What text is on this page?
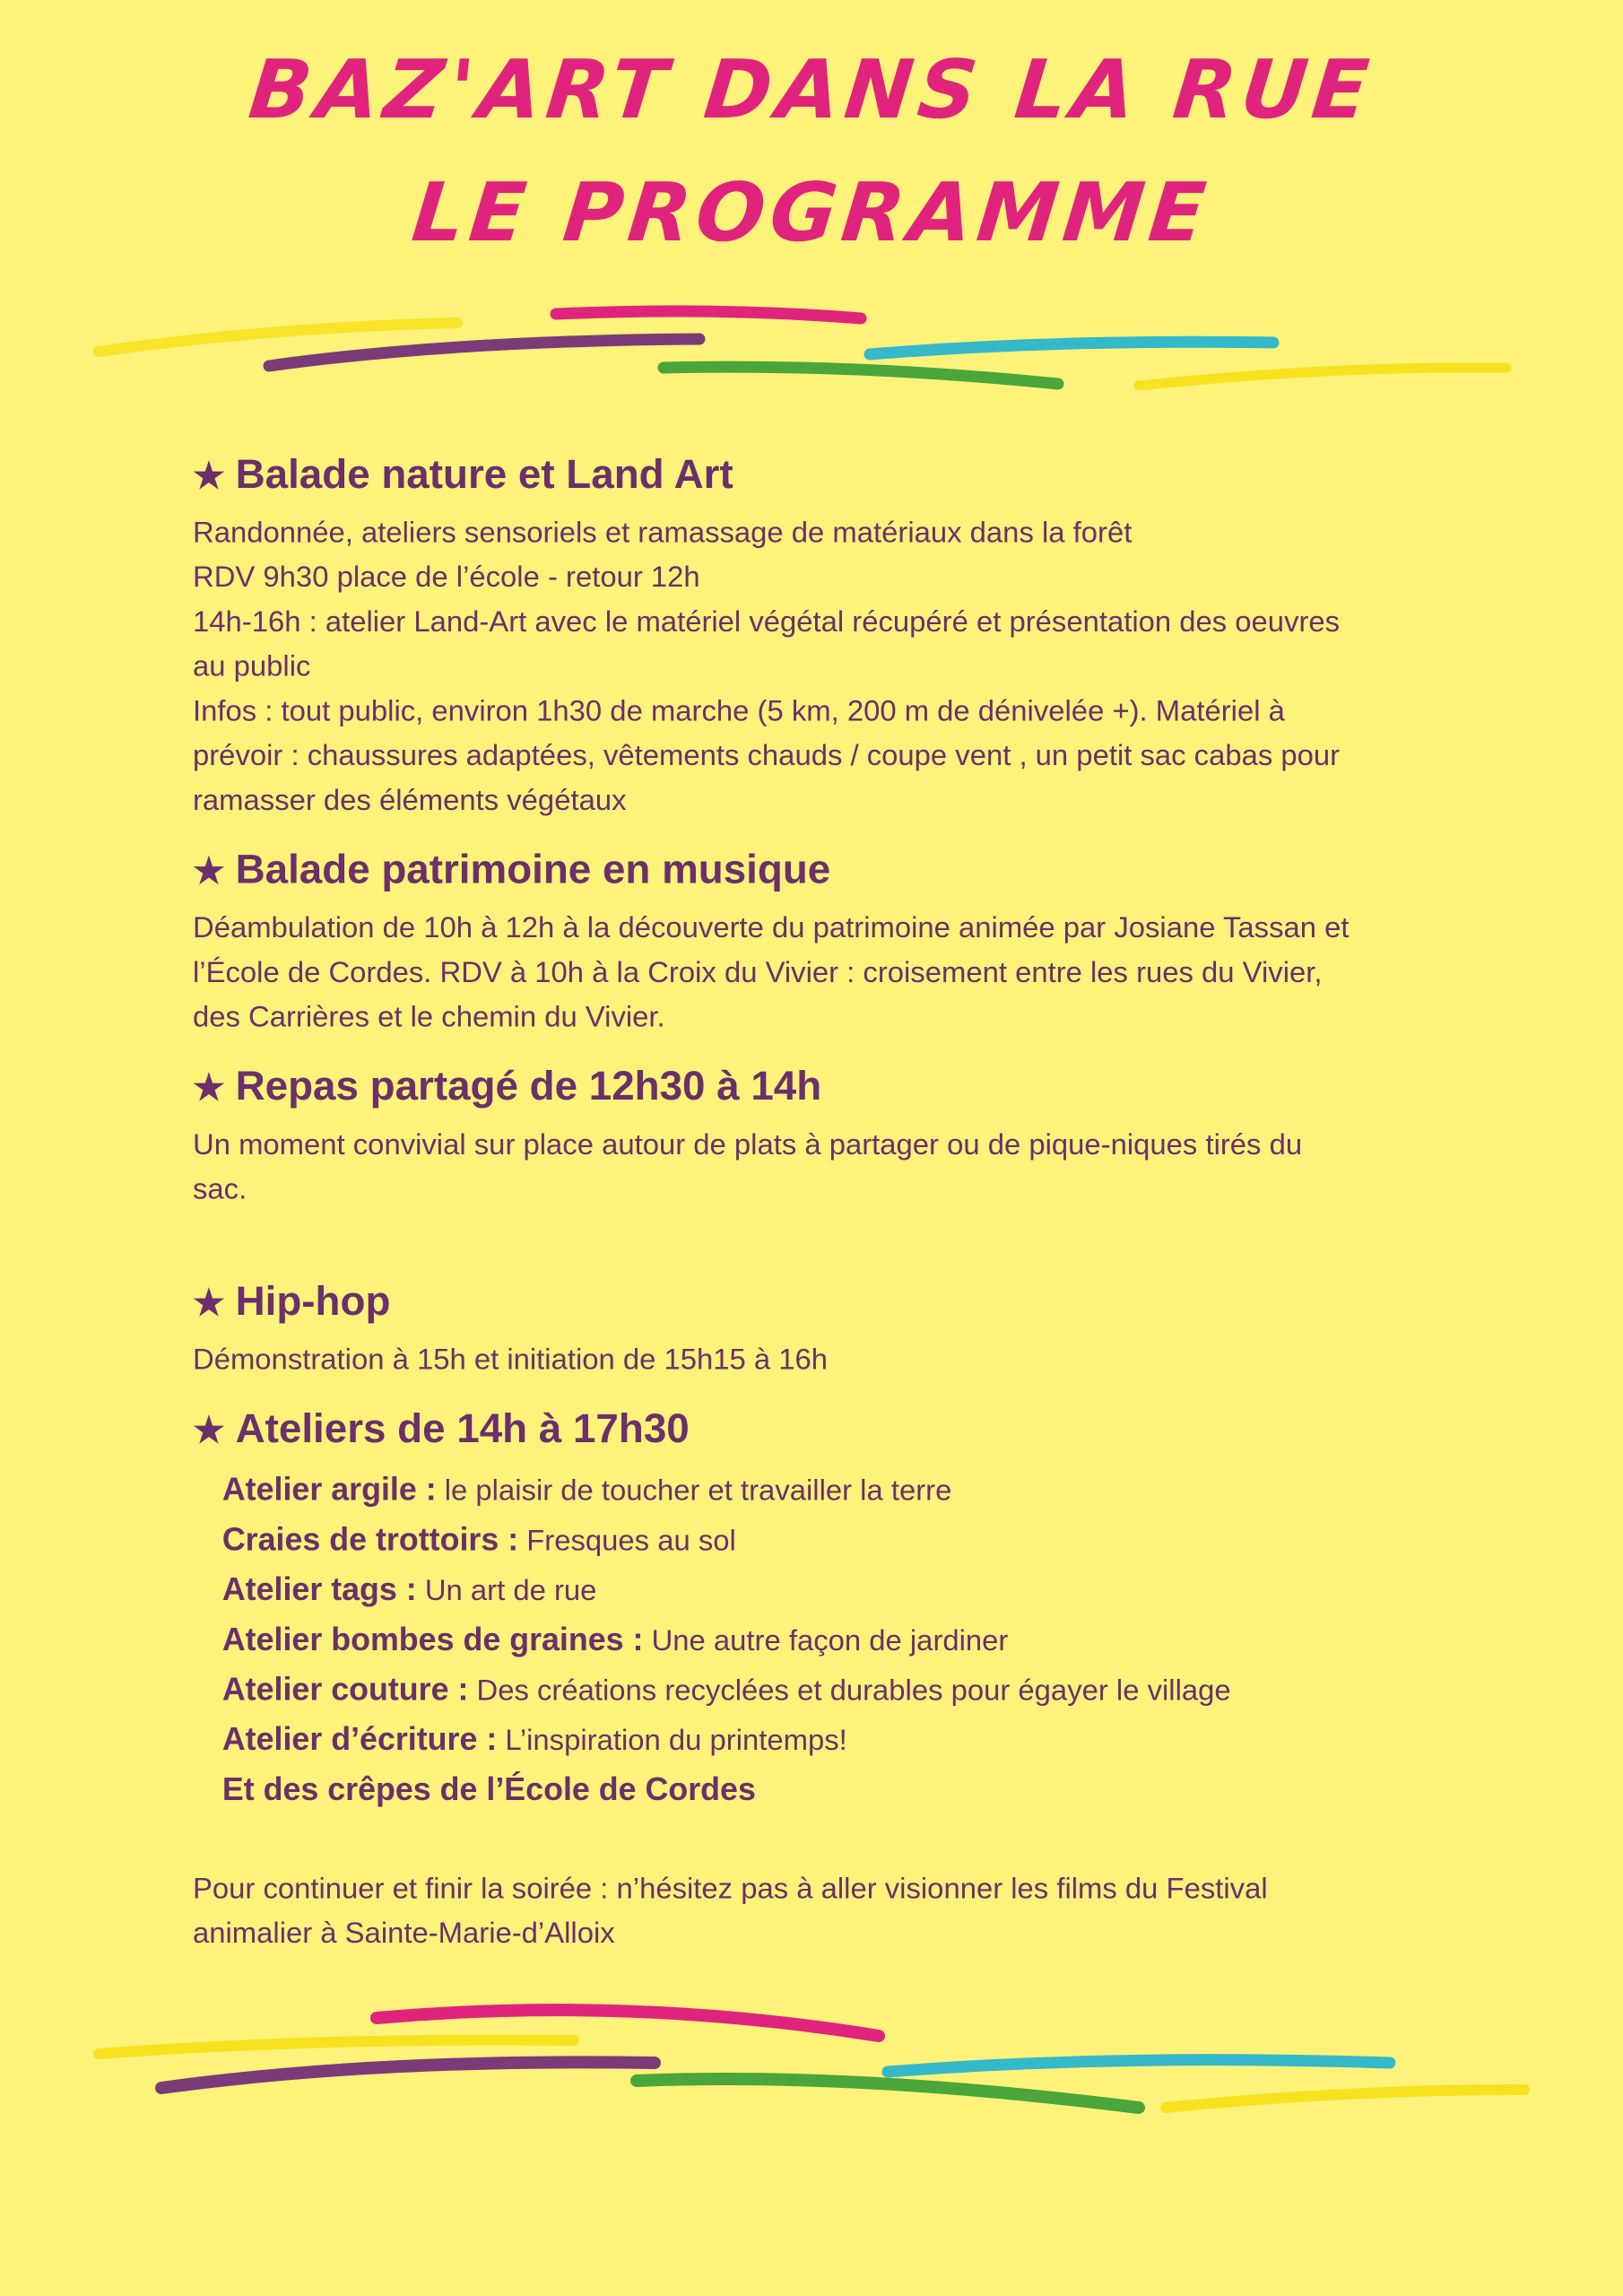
BAZ'ART DANS LA RUE
LE PROGRAMME
★ Balade nature et Land Art

Randonnée, ateliers sensoriels et ramassage de matériaux dans la forêt

RDV 9h30 place de l’école - retour 12h

14h-16h : atelier Land-Art avec le matériel végétal récupéré et présentation des oeuvres au public

Infos : tout public, environ 1h30 de marche (5 km, 200 m de dénivelée +). Matériel à prévoir : chaussures adaptées, vêtements chauds / coupe vent , un petit sac cabas pour ramasser des éléments végétaux

★ Balade patrimoine en musique

Déambulation de 10h à 12h à la découverte du patrimoine animée par Josiane Tassan et l’École de Cordes. RDV à 10h à la Croix du Vivier : croisement entre les rues du Vivier, des Carrières et le chemin du Vivier.

★ Repas partagé de 12h30 à 14h

Un moment convivial sur place autour de plats à partager ou de pique-niques tirés du sac.

★ Hip-hop

Démonstration à 15h et initiation de 15h15 à 16h

★ Ateliers de 14h à 17h30

Atelier argile : le plaisir de toucher et travailler la terre

Craies de trottoirs : Fresques au sol

Atelier tags : Un art de rue

Atelier bombes de graines : Une autre façon de jardiner

Atelier couture : Des créations recyclées et durables pour égayer le village

Atelier d’écriture : L’inspiration du printemps!

Et des crêpes de l’École de Cordes

Pour continuer et finir la soirée : n’hésitez pas à aller visionner les films du Festival animalier à Sainte-Marie-d’Alloix
